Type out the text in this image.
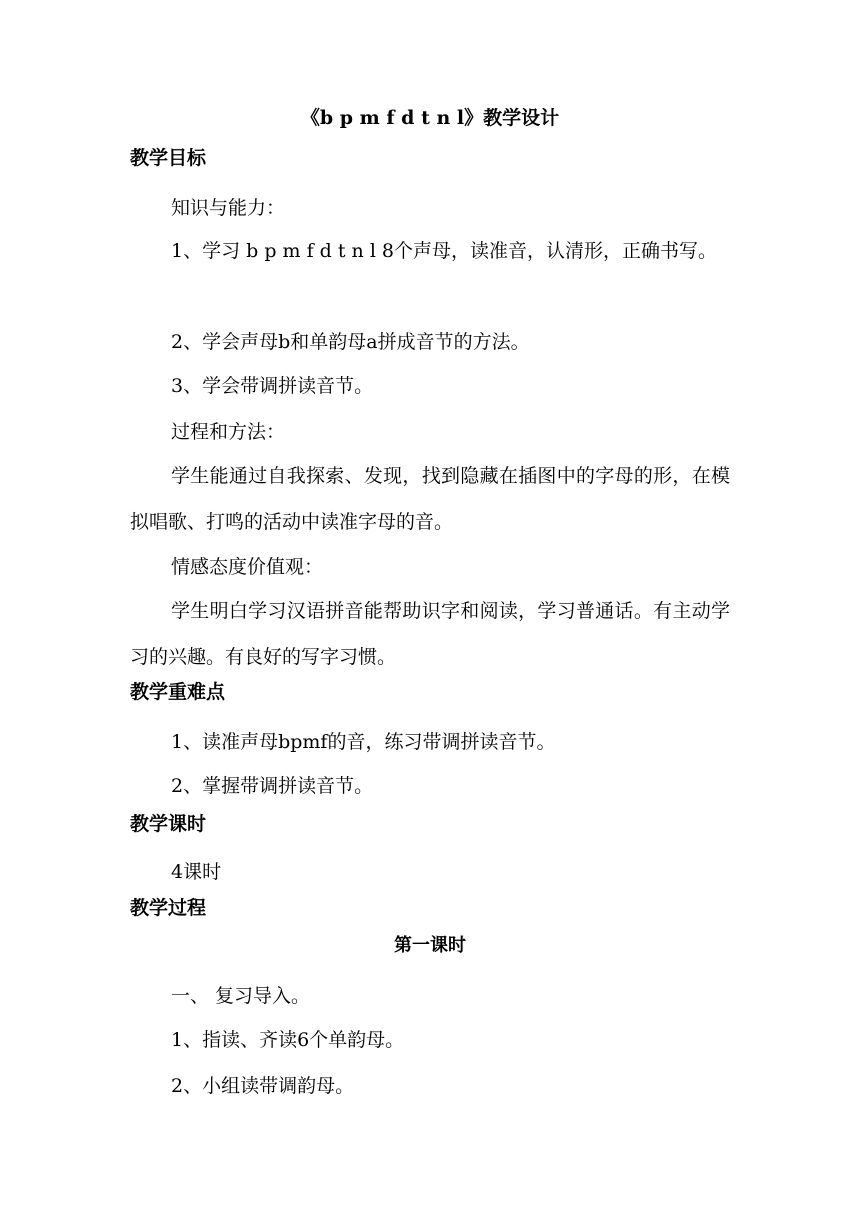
《b p m f d t n l》教学设计
教学目标
知识与能力：
1、学习 b p m f d t n l 8个声母，读准音，认清形，正确书写。
2、学会声母b和单韵母a拼成音节的方法。
3、学会带调拼读音节。
过程和方法：
学生能通过自我探索、发现，找到隐藏在插图中的字母的形，在模拟唱歌、打鸣的活动中读准字母的音。
情感态度价值观：
学生明白学习汉语拼音能帮助识字和阅读，学习普通话。有主动学习的兴趣。有良好的写字习惯。
教学重难点
1、读准声母bpmf的音，练习带调拼读音节。
2、掌握带调拼读音节。
教学课时
4课时
教学过程
第一课时
一、 复习导入。
1、指读、齐读6个单韵母。
2、小组读带调韵母。
